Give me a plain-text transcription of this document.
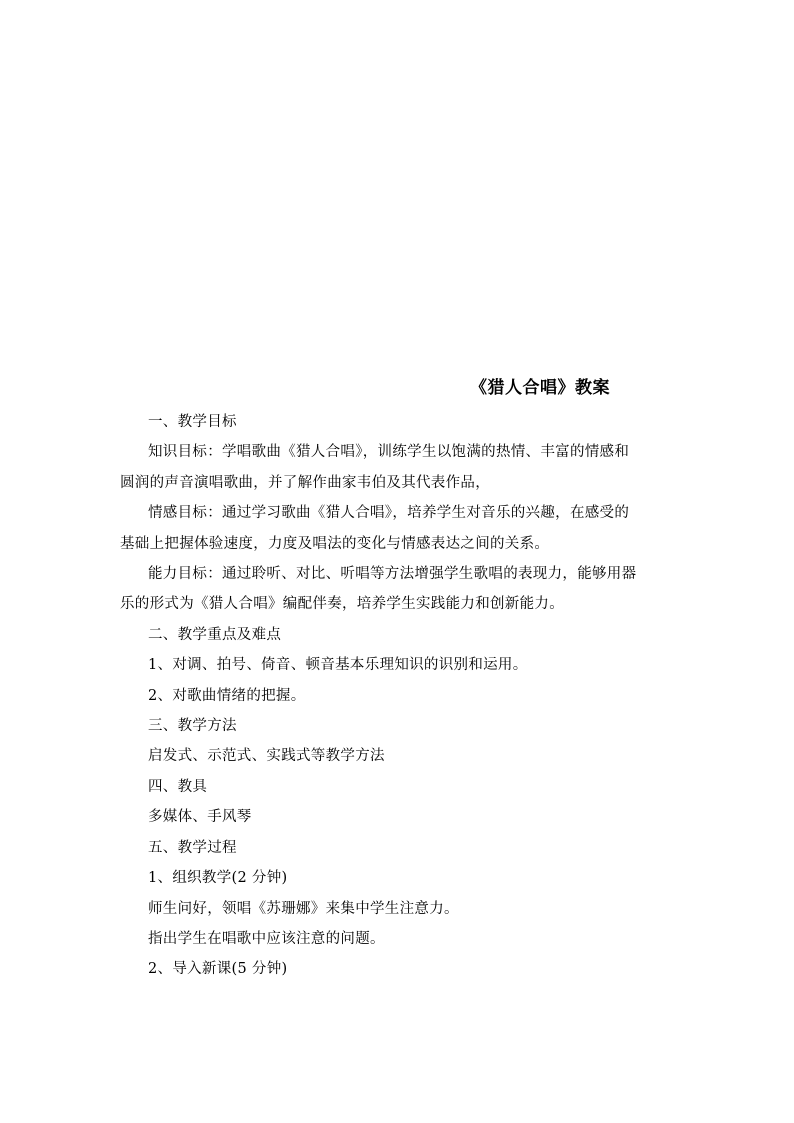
《猎人合唱》教案

一、教学目标

知识目标：学唱歌曲《猎人合唱》，训练学生以饱满的热情、丰富的情感和

圆润的声音演唱歌曲，并了解作曲家韦伯及其代表作品，

情感目标：通过学习歌曲《猎人合唱》，培养学生对音乐的兴趣，在感受的

基础上把握体验速度，力度及唱法的变化与情感表达之间的关系。

能力目标：通过聆听、对比、听唱等方法增强学生歌唱的表现力，能够用器

乐的形式为《猎人合唱》编配伴奏，培养学生实践能力和创新能力。

二、教学重点及难点

1、对调、拍号、倚音、顿音基本乐理知识的识别和运用。

2、对歌曲情绪的把握。

三、教学方法

启发式、示范式、实践式等教学方法

四、教具

多媒体、手风琴

五、教学过程

1、组织教学(2 分钟)

师生问好，领唱《苏珊娜》来集中学生注意力。

指出学生在唱歌中应该注意的问题。

2、导入新课(5 分钟)
